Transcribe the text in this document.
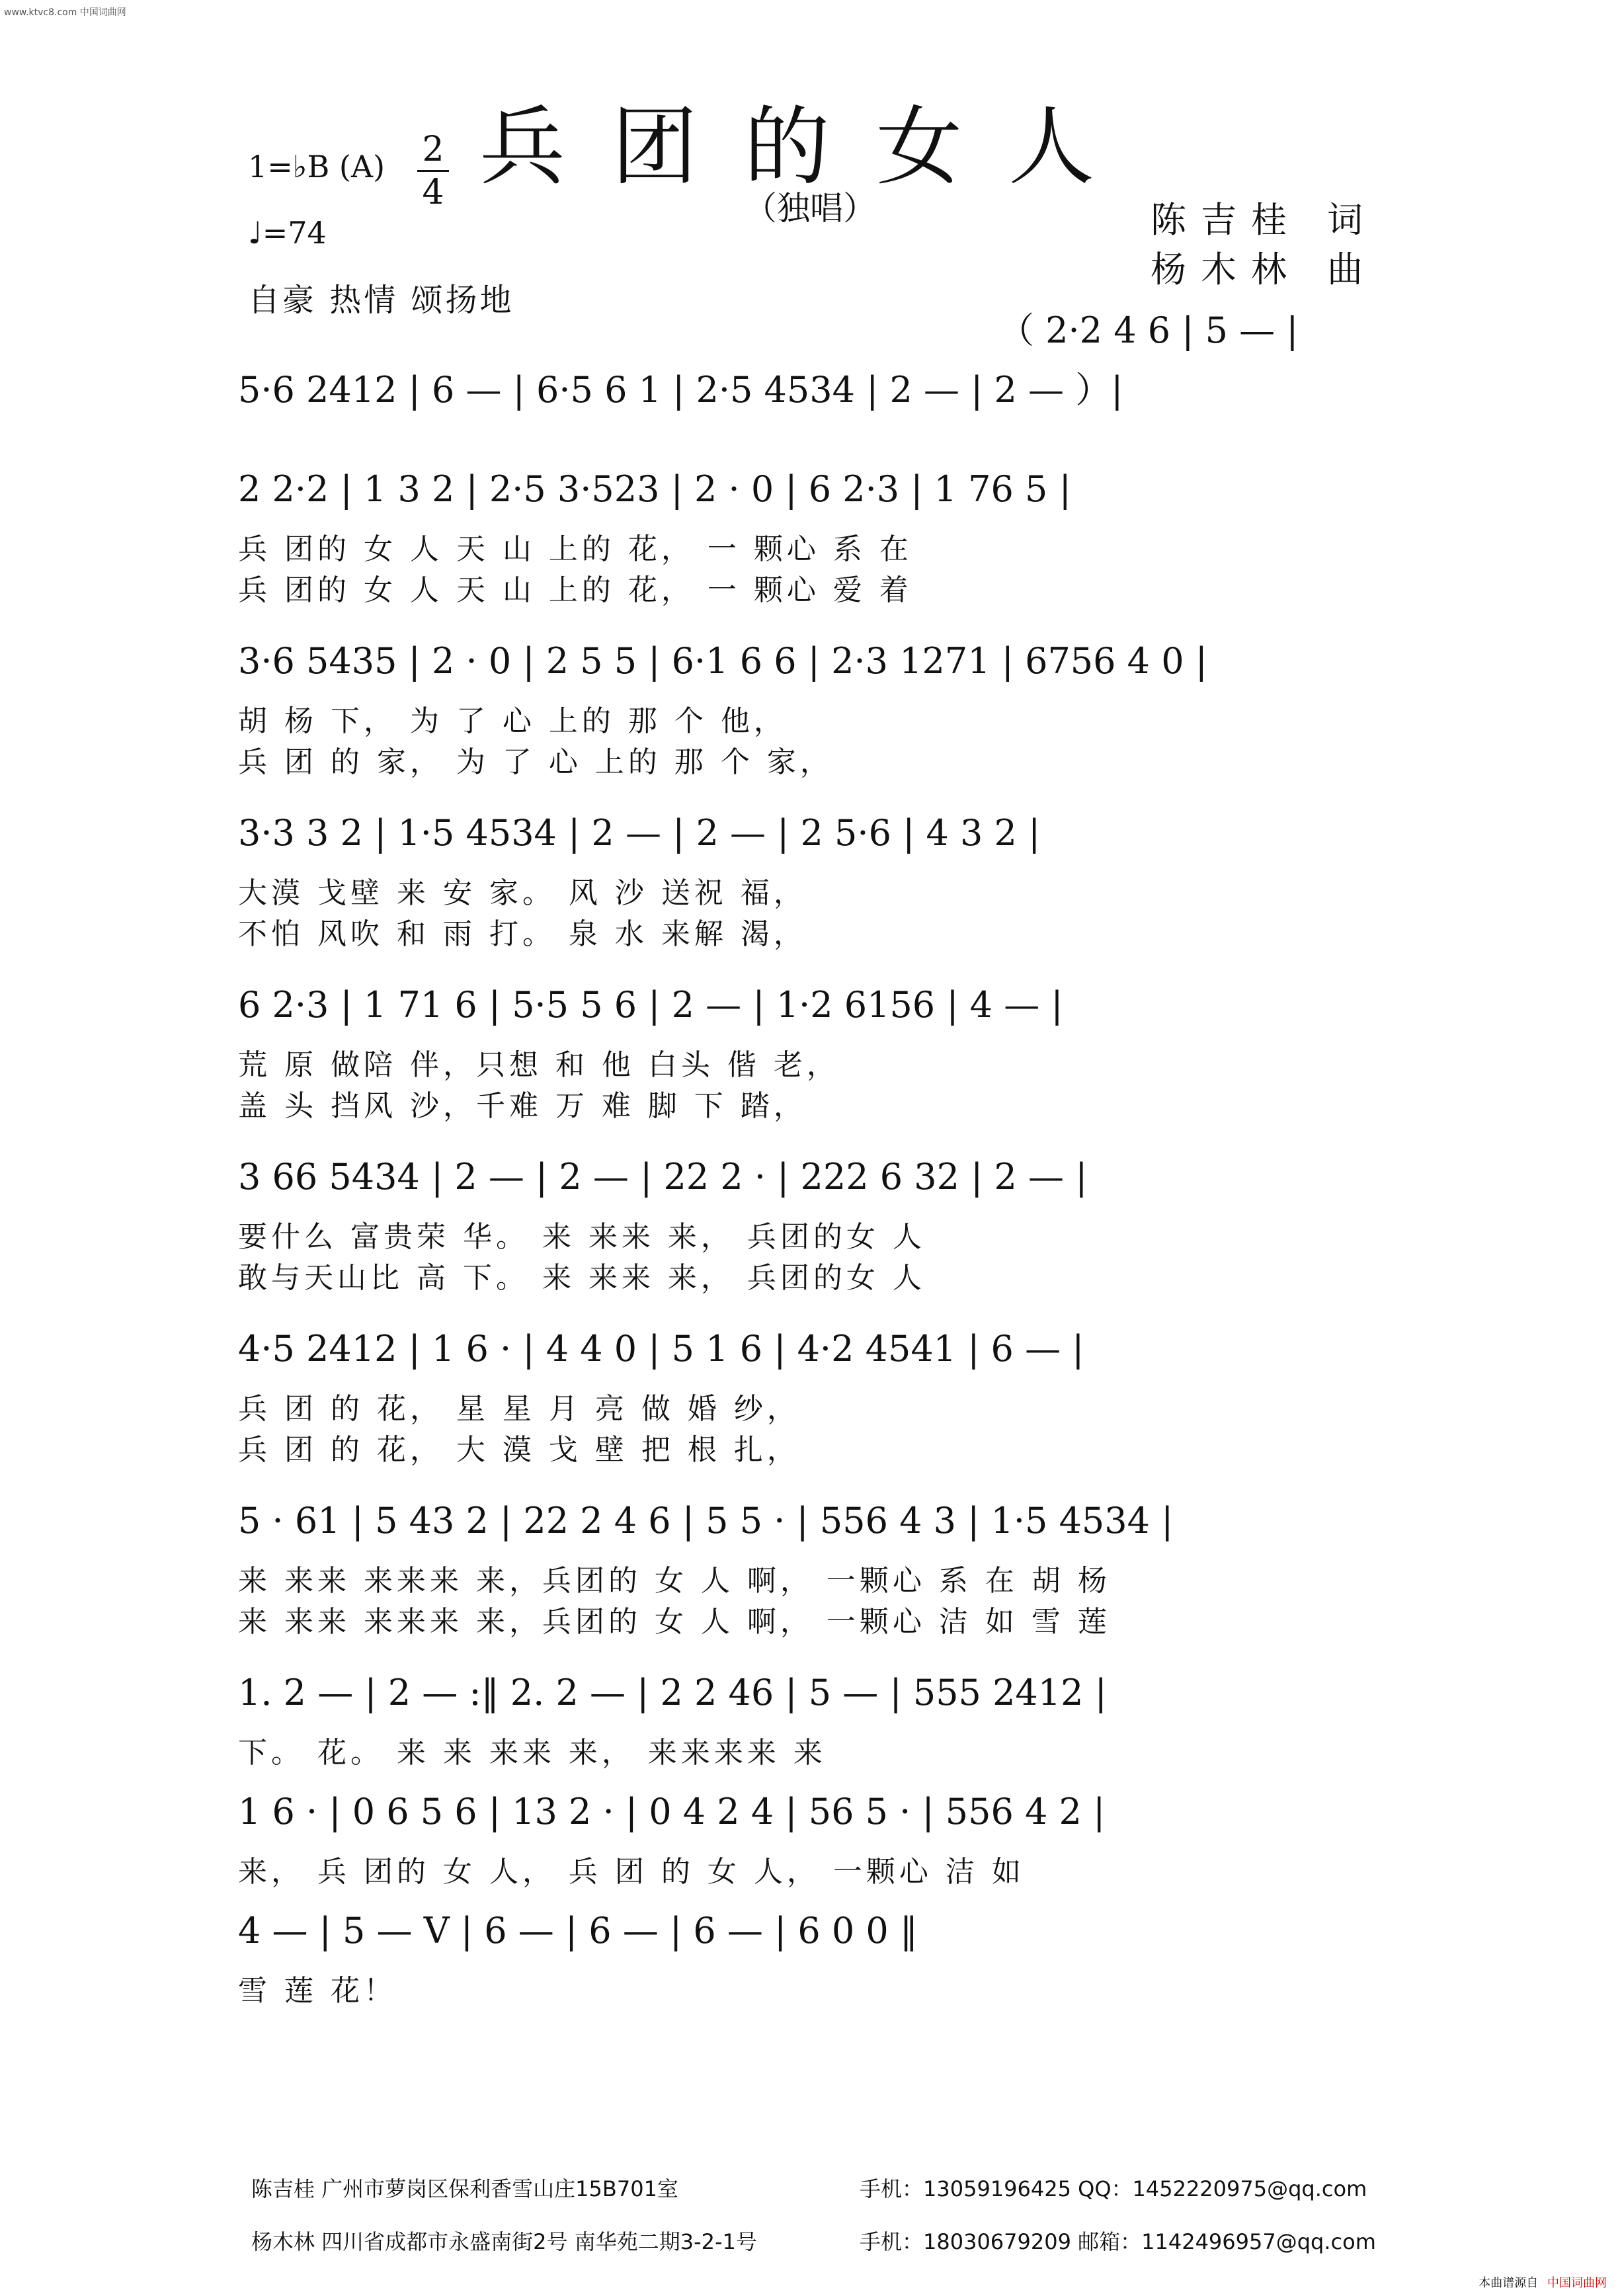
www.ktvc8.com 中国词曲网
兵团的女人
（独唱）
1=♭B (A) 2
4
♩=74
自豪 热情 颂扬地
陈吉桂 词
杨木林 曲
（ 2·2 4 6 | 5 — |
5·6 2412 | 6 — | 6·5 6 1 | 2·5 4534 | 2 — | 2 — ）|
2 2·2 | 1 3 2 | 2·5 3·523 | 2 · 0 | 6 2·3 | 1 76 5 |
兵 团的 女 人 天 山 上的 花， 一 颗心 系 在
兵 团的 女 人 天 山 上的 花， 一 颗心 爱 着
3·6 5435 | 2 · 0 | 2 5 5 | 6·1 6 6 | 2·3 1271 | 6756 4 0 |
胡 杨 下， 为 了 心 上的 那 个 他，
兵 团 的 家， 为 了 心 上的 那 个 家，
3·3 3 2 | 1·5 4534 | 2 — | 2 — | 2 5·6 | 4 3 2 |
大漠 戈壁 来 安 家。 风 沙 送祝 福，
不怕 风吹 和 雨 打。 泉 水 来解 渴，
6 2·3 | 1 71 6 | 5·5 5 6 | 2 — | 1·2 6156 | 4 — |
荒 原 做陪 伴，只想 和 他 白头 偕 老，
盖 头 挡风 沙，千难 万 难 脚 下 踏，
3 66 5434 | 2 — | 2 — | 22 2 · | 222 6 32 | 2 — |
要什么 富贵荣 华。 来 来来 来， 兵团的女 人
敢与天山比 高 下。 来 来来 来， 兵团的女 人
4·5 2412 | 1 6 · | 4 4 0 | 5 1 6 | 4·2 4541 | 6 — |
兵 团 的 花， 星 星 月 亮 做 婚 纱，
兵 团 的 花， 大 漠 戈 壁 把 根 扎，
5 · 61 | 5 43 2 | 22 2 4 6 | 5 5 · | 556 4 3 | 1·5 4534 |
来 来来 来来来 来，兵团的 女 人 啊， 一颗心 系 在 胡 杨
来 来来 来来来 来，兵团的 女 人 啊， 一颗心 洁 如 雪 莲
1. 2 — | 2 — :‖ 2. 2 — | 2 2 46 | 5 — | 555 2412 |
下。 花。 来 来 来来 来， 来来来来 来
1 6 · | 0 6 5 6 | 13 2 · | 0 4 2 4 | 56 5 · | 556 4 2 |
来， 兵 团的 女 人， 兵 团 的 女 人， 一颗心 洁 如
4 — | 5 — V | 6 — | 6 — | 6 — | 6 0 0 ‖
雪 莲 花！
陈吉桂 广州市萝岗区保利香雪山庄15B701室	手机：13059196425 QQ：1452220975@qq.com
杨木林 四川省成都市永盛南街2号 南华苑二期3-2-1号	手机：18030679209 邮箱：1142496957@qq.com
本曲谱源自 中国词曲网
